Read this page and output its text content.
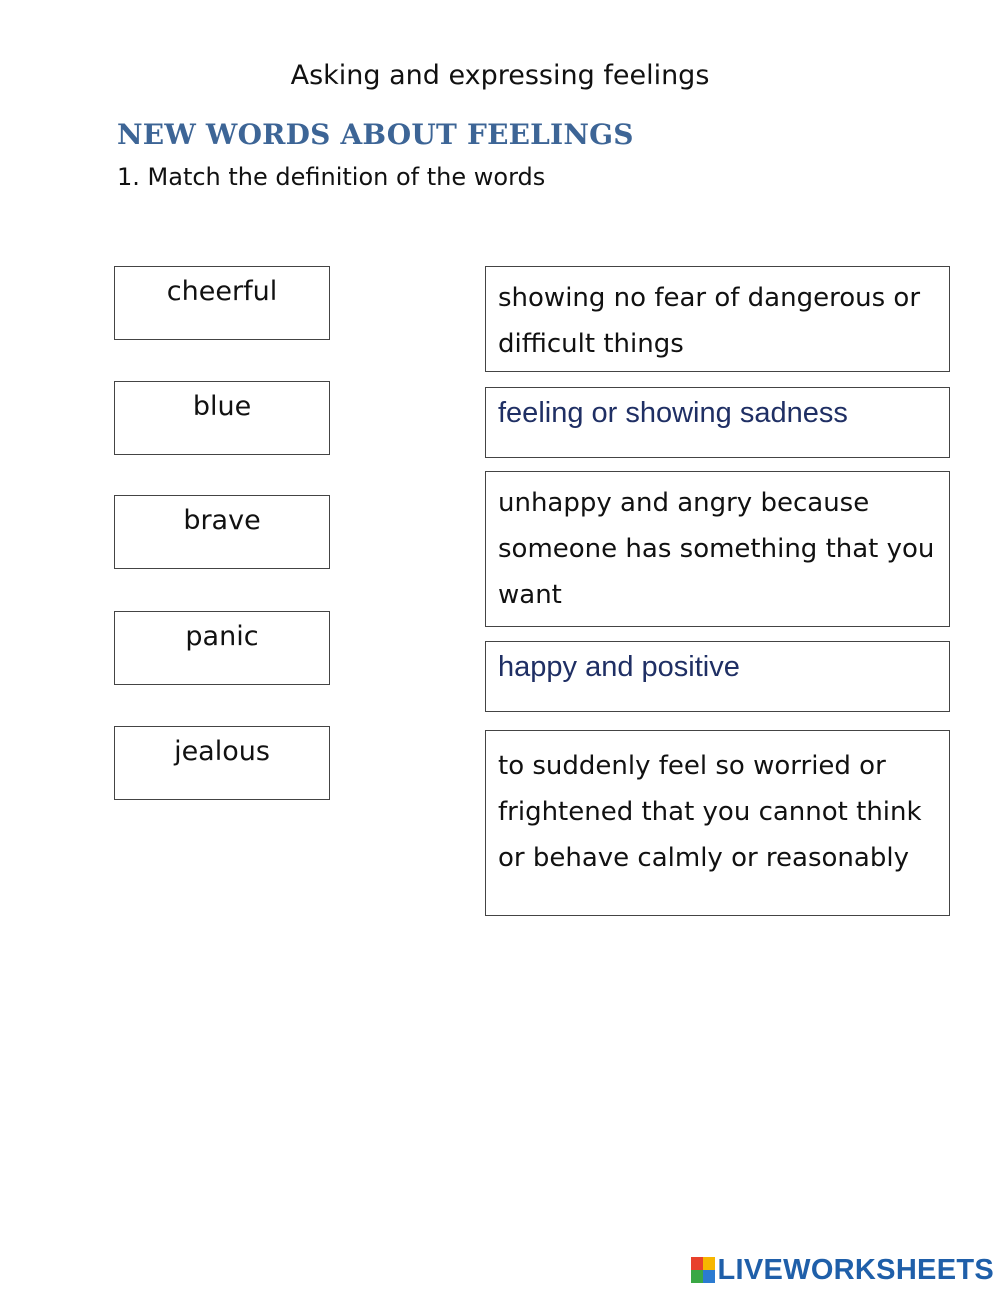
Asking and expressing feelings
NEW WORDS ABOUT FEELINGS
1. Match the definition of the words
cheerful
blue
brave
panic
jealous
showing no fear of dangerous or difficult things
feeling or showing sadness
unhappy and angry because someone has something that you want
happy and positive
to suddenly feel so worried or frightened that you cannot think or behave calmly or reasonably
LIVEWORKSHEETS
